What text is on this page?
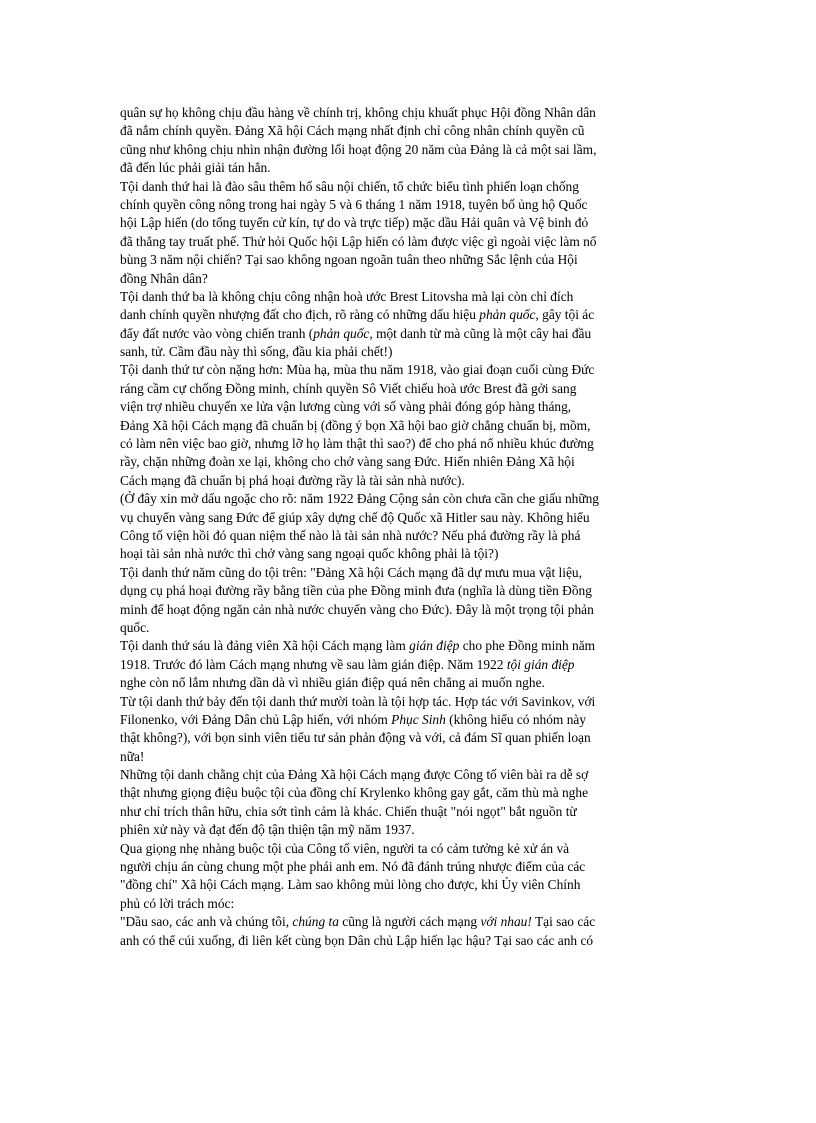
quân sự họ không chịu đầu hàng về chính trị, không chịu khuất phục Hội đồng Nhân dân
đã nắm chính quyền. Đảng Xã hội Cách mạng nhất định chỉ công nhân chính quyền cũ
cũng như không chịu nhìn nhận đường lối hoạt động 20 năm của Đảng là cả một sai lầm,
đã đến lúc phải giải tán hẳn.
Tội danh thứ hai là đào sâu thêm hố sâu nội chiến, tổ chức biểu tình phiến loạn chống
chính quyền công nông trong hai ngày 5 và 6 tháng 1 năm 1918, tuyên bố ủng hộ Quốc
hội Lập hiến (do tổng tuyển cử kín, tự do và trực tiếp) mặc dầu Hải quân và Vệ binh đỏ
đã thẳng tay truất phế. Thử hỏi Quốc hội Lập hiến có làm được việc gì ngoài việc làm nổ
bùng 3 năm nội chiến? Tại sao không ngoan ngoãn tuân theo những Sắc lệnh của Hội
đồng Nhân dân?
Tội danh thứ ba là không chịu công nhận hoà ước Brest Litovsha mà lại còn chỉ đích
danh chính quyền nhượng đất cho địch, rõ ràng có những dấu hiệu phản quốc, gây tội ác
đẩy đất nước vào vòng chiến tranh (phản quốc, một danh từ mà cũng là một cây hai đầu
sanh, tử. Cầm đầu này thì sống, đầu kia phải chết!)
Tội danh thứ tư còn nặng hơn: Mùa hạ, mùa thu năm 1918, vào giai đoạn cuối cùng Đức
ráng cầm cự chống Đồng minh, chính quyền Sô Viết chiếu hoà ước Brest đã gởi sang
viện trợ nhiều chuyến xe lửa vận lương cùng với số vàng phải đóng góp hàng tháng,
Đảng Xã hội Cách mạng đã chuẩn bị (đồng ý bọn Xã hội bao giờ chẳng chuẩn bị, mồm,
có làm nên việc bao giờ, nhưng lỡ họ làm thật thì sao?) để cho phá nổ nhiều khúc đường
rầy, chặn những đoàn xe lại, không cho chở vàng sang Đức. Hiển nhiên Đảng Xã hội
Cách mạng đã chuẩn bị phá hoại đường rầy là tài sản nhà nước).
(Ở đây xin mở dấu ngoặc cho rõ: năm 1922 Đảng Cộng sản còn chưa cần che giấu những
vụ chuyển vàng sang Đức để giúp xây dựng chế độ Quốc xã Hitler sau này. Không hiểu
Công tố viện hồi đó quan niệm thế nào là tài sản nhà nước? Nếu phá đường rầy là phá
hoại tài sản nhà nước thì chở vàng sang ngoại quốc không phải là tội?)
Tội danh thứ năm cũng do tội trên: "Đảng Xã hội Cách mạng đã dự mưu mua vật liệu,
dụng cụ phá hoại đường rầy bằng tiền của phe Đồng minh đưa (nghĩa là dùng tiền Đồng
minh để hoạt động ngăn cản nhà nước chuyển vàng cho Đức). Đây là một trọng tội phản
quốc.
Tội danh thứ sáu là đảng viên Xã hội Cách mạng làm gián điệp cho phe Đồng minh năm
1918. Trước đó làm Cách mạng nhưng về sau làm gián điệp. Năm 1922 tội gián điệp
nghe còn nổ lắm nhưng dần dà vì nhiều gián điệp quá nên chẳng ai muốn nghe.
Từ tội danh thứ bảy đến tội danh thứ mười toàn là tội hợp tác. Hợp tác với Savinkov, với
Filonenko, với Đảng Dân chủ Lập hiến, với nhóm Phục Sinh (không hiểu có nhóm này
thật không?), với bọn sinh viên tiểu tư sản phản động và với, cả đám Sĩ quan phiến loạn
nữa!
Những tội danh chằng chịt của Đảng Xã hội Cách mạng được Công tố viên bài ra dễ sợ
thật nhưng giọng điệu buộc tội của đồng chí Krylenko không gay gắt, căm thù mà nghe
như chỉ trích thân hữu, chia sớt tình cảm là khác. Chiến thuật "nói ngọt" bắt nguồn từ
phiên xử này và đạt đến độ tận thiện tận mỹ năm 1937.
Qua giọng nhẹ nhàng buộc tội của Công tố viên, người ta có cảm tưởng kẻ xử án và
người chịu án cùng chung một phe phái anh em. Nó đã đánh trúng nhược điểm của các
"đồng chí" Xã hội Cách mạng. Làm sao không mủi lòng cho được, khi Ủy viên Chính
phủ có lời trách móc:
"Dầu sao, các anh và chúng tôi, chúng ta cũng là người cách mạng với nhau! Tại sao các
anh có thể cúi xuống, đi liên kết cùng bọn Dân chủ Lập hiến lạc hậu? Tại sao các anh có
